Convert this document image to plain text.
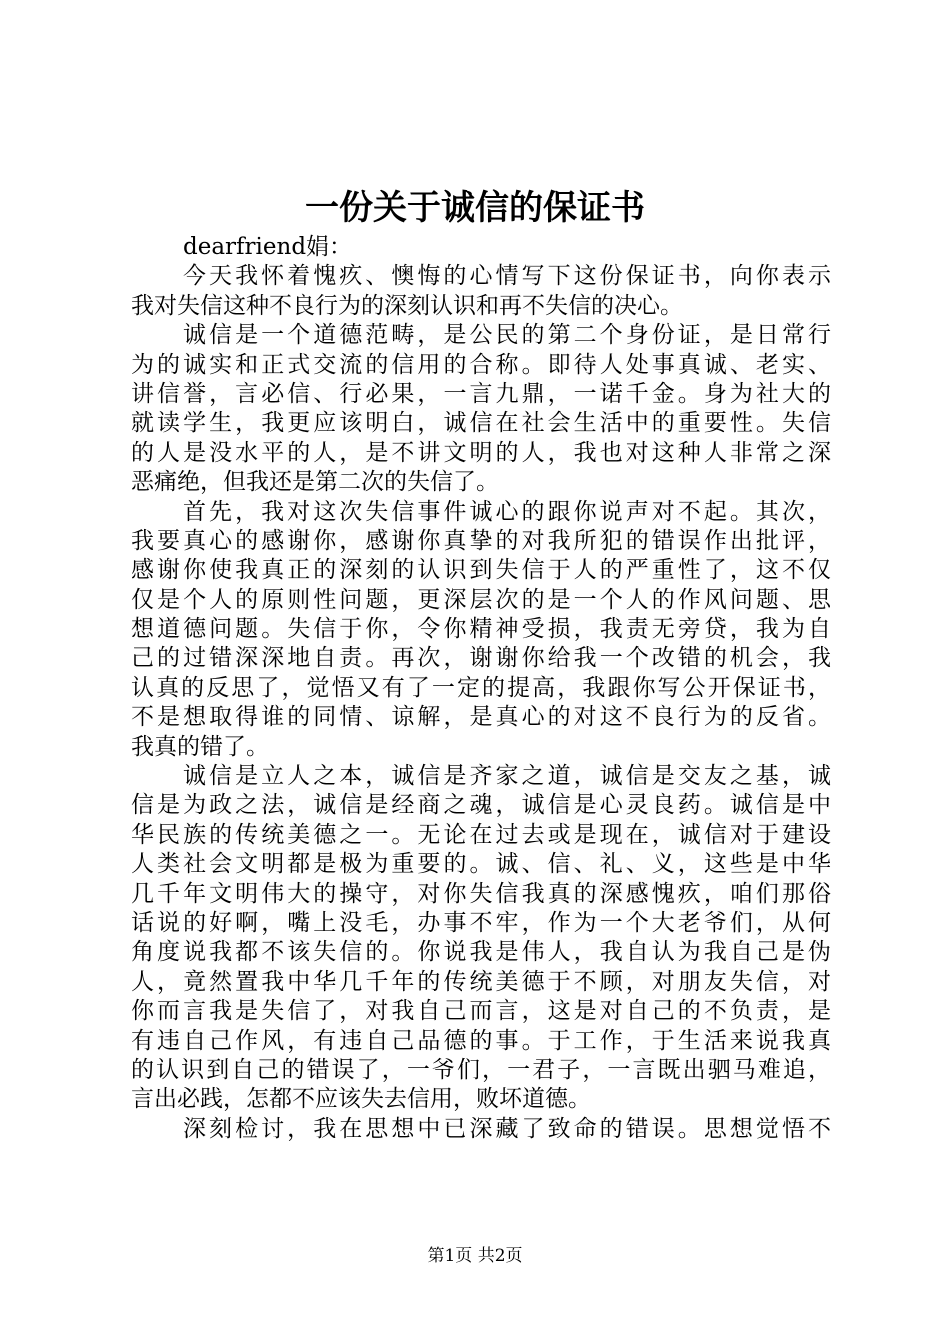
一份关于诚信的保证书
dearfriend娟：
今天我怀着愧疚、懊悔的心情写下这份保证书，向你表示
我对失信这种不良行为的深刻认识和再不失信的决心。
诚信是一个道德范畴，是公民的第二个身份证，是日常行
为的诚实和正式交流的信用的合称。即待人处事真诚、老实、
讲信誉，言必信、行必果，一言九鼎，一诺千金。身为社大的
就读学生，我更应该明白，诚信在社会生活中的重要性。失信
的人是没水平的人，是不讲文明的人，我也对这种人非常之深
恶痛绝，但我还是第二次的失信了。
首先，我对这次失信事件诚心的跟你说声对不起。其次，
我要真心的感谢你，感谢你真挚的对我所犯的错误作出批评，
感谢你使我真正的深刻的认识到失信于人的严重性了，这不仅
仅是个人的原则性问题，更深层次的是一个人的作风问题、思
想道德问题。失信于你，令你精神受损，我责无旁贷，我为自
己的过错深深地自责。再次，谢谢你给我一个改错的机会，我
认真的反思了，觉悟又有了一定的提高，我跟你写公开保证书，
不是想取得谁的同情、谅解，是真心的对这不良行为的反省。
我真的错了。
诚信是立人之本，诚信是齐家之道，诚信是交友之基，诚
信是为政之法，诚信是经商之魂，诚信是心灵良药。诚信是中
华民族的传统美德之一。无论在过去或是现在，诚信对于建设
人类社会文明都是极为重要的。诚、信、礼、义，这些是中华
几千年文明伟大的操守，对你失信我真的深感愧疚，咱们那俗
话说的好啊，嘴上没毛，办事不牢，作为一个大老爷们，从何
角度说我都不该失信的。你说我是伟人，我自认为我自己是伪
人，竟然置我中华几千年的传统美德于不顾，对朋友失信，对
你而言我是失信了，对我自己而言，这是对自己的不负责，是
有违自己作风，有违自己品德的事。于工作，于生活来说我真
的认识到自己的错误了，一爷们，一君子，一言既出驷马难追，
言出必践，怎都不应该失去信用，败坏道德。
深刻检讨，我在思想中已深藏了致命的错误。思想觉悟不
第1页 共2页
